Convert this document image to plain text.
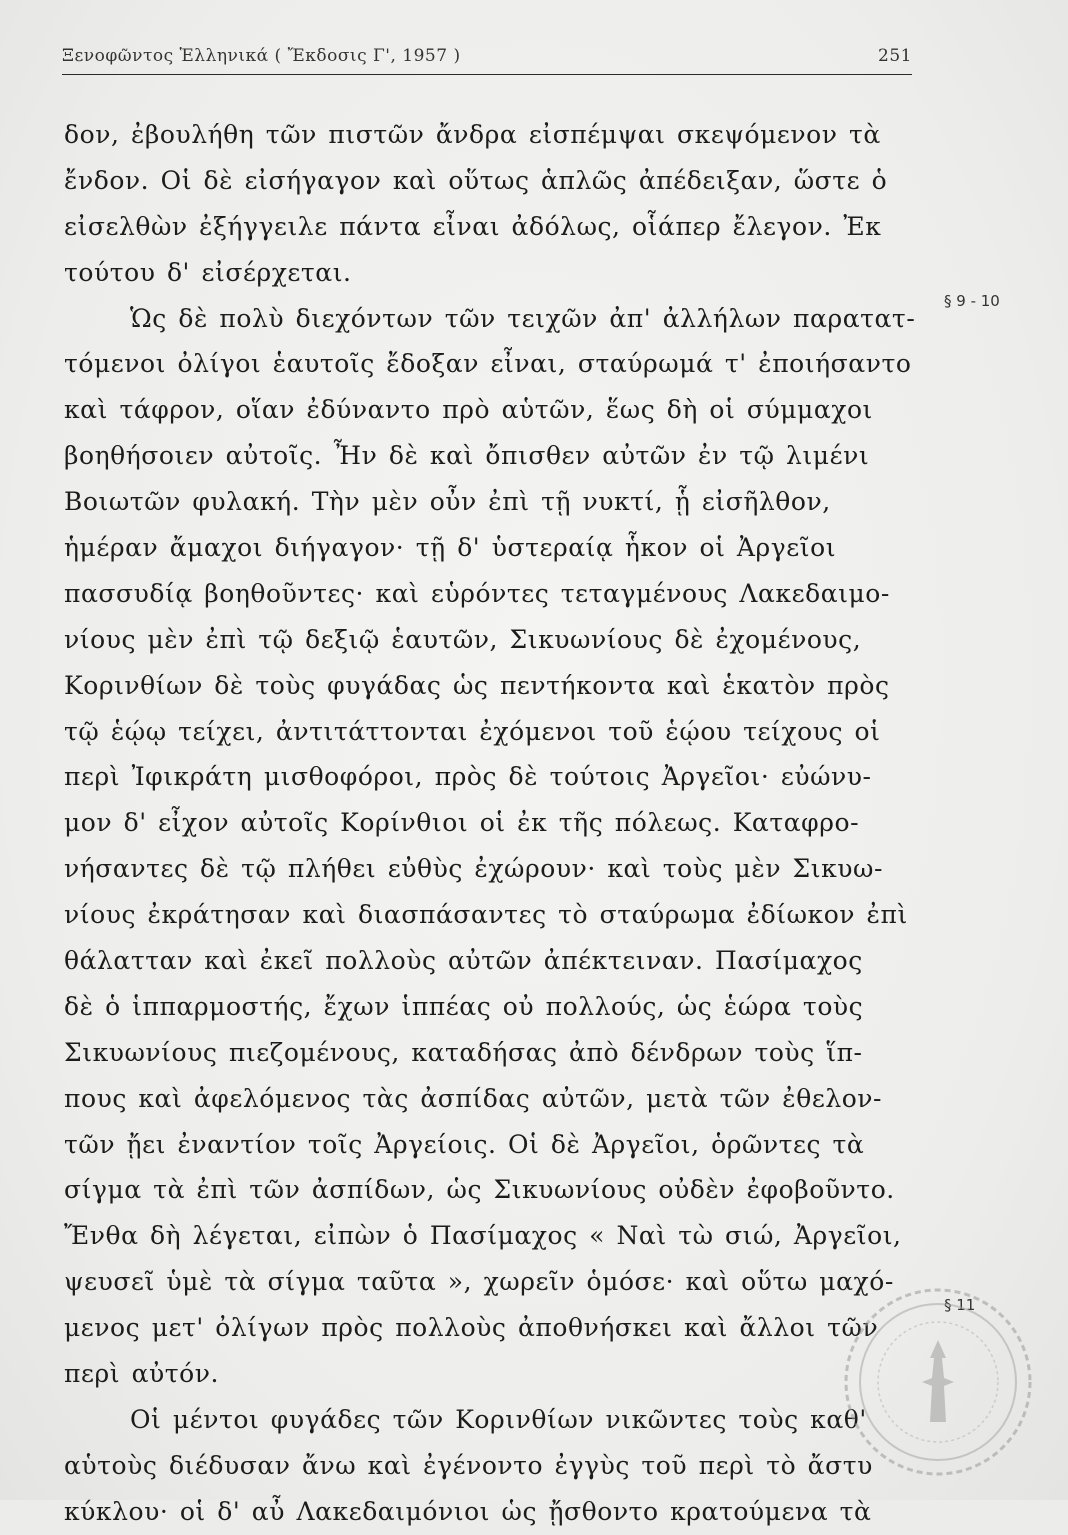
Ξενοφῶντος Ἑλληνικά ( Ἔκδοσις Γ', 1957 )	251
δον, ἐβουλήθη τῶν πιστῶν ἄνδρα εἰσπέμψαι σκεψόμενον τὰ
ἔνδον. Οἱ δὲ εἰσήγαγον καὶ οὕτως ἁπλῶς ἀπέδειξαν, ὥστε ὁ
εἰσελθὼν ἐξήγγειλε πάντα εἶναι ἀδόλως, οἷάπερ ἔλεγον. Ἐκ
τούτου δ' εἰσέρχεται.
Ὡς δὲ πολὺ διεχόντων τῶν τειχῶν ἀπ' ἀλλήλων παρατατ-
τόμενοι ὀλίγοι ἑαυτοῖς ἔδοξαν εἶναι, σταύρωμά τ' ἐποιήσαντο
καὶ τάφρον, οἵαν ἐδύναντο πρὸ αὑτῶν, ἕως δὴ οἱ σύμμαχοι
βοηθήσοιεν αὐτοῖς. Ἦν δὲ καὶ ὄπισθεν αὐτῶν ἐν τῷ λιμένι
Βοιωτῶν φυλακή. Τὴν μὲν οὖν ἐπὶ τῇ νυκτί, ᾗ εἰσῆλθον,
ἡμέραν ἄμαχοι διήγαγον· τῇ δ' ὑστεραίᾳ ἧκον οἱ Ἀργεῖοι
πασσυδίᾳ βοηθοῦντες· καὶ εὑρόντες τεταγμένους Λακεδαιμο-
νίους μὲν ἐπὶ τῷ δεξιῷ ἑαυτῶν, Σικυωνίους δὲ ἐχομένους,
Κορινθίων δὲ τοὺς φυγάδας ὡς πεντήκοντα καὶ ἑκατὸν πρὸς
τῷ ἑῴῳ τείχει, ἀντιτάττονται ἐχόμενοι τοῦ ἑῴου τείχους οἱ
περὶ Ἰφικράτη μισθοφόροι, πρὸς δὲ τούτοις Ἀργεῖοι· εὐώνυ-
μον δ' εἶχον αὐτοῖς Κορίνθιοι οἱ ἐκ τῆς πόλεως. Καταφρο-
νήσαντες δὲ τῷ πλήθει εὐθὺς ἐχώρουν· καὶ τοὺς μὲν Σικυω-
νίους ἐκράτησαν καὶ διασπάσαντες τὸ σταύρωμα ἐδίωκον ἐπὶ
θάλατταν καὶ ἐκεῖ πολλοὺς αὐτῶν ἀπέκτειναν. Πασίμαχος
δὲ ὁ ἱππαρμοστής, ἔχων ἱππέας οὐ πολλούς, ὡς ἑώρα τοὺς
Σικυωνίους πιεζομένους, καταδήσας ἀπὸ δένδρων τοὺς ἵπ-
πους καὶ ἀφελόμενος τὰς ἀσπίδας αὐτῶν, μετὰ τῶν ἐθελον-
τῶν ᾔει ἐναντίον τοῖς Ἀργείοις. Οἱ δὲ Ἀργεῖοι, ὁρῶντες τὰ
σίγμα τὰ ἐπὶ τῶν ἀσπίδων, ὡς Σικυωνίους οὐδὲν ἐφοβοῦντο.
Ἔνθα δὴ λέγεται, εἰπὼν ὁ Πασίμαχος « Ναὶ τὼ σιώ, Ἀργεῖοι,
ψευσεῖ ὑμὲ τὰ σίγμα ταῦτα », χωρεῖν ὁμόσε· καὶ οὕτω μαχό-
μενος μετ' ὀλίγων πρὸς πολλοὺς ἀποθνήσκει καὶ ἄλλοι τῶν
περὶ αὐτόν.
Οἱ μέντοι φυγάδες τῶν Κορινθίων νικῶντες τοὺς καθ'
αὑτοὺς διέδυσαν ἄνω καὶ ἐγένοντο ἐγγὺς τοῦ περὶ τὸ ἄστυ
κύκλου· οἱ δ' αὖ Λακεδαιμόνιοι ὡς ᾔσθοντο κρατούμενα τὰ
§ 9 - 10
§ 11
